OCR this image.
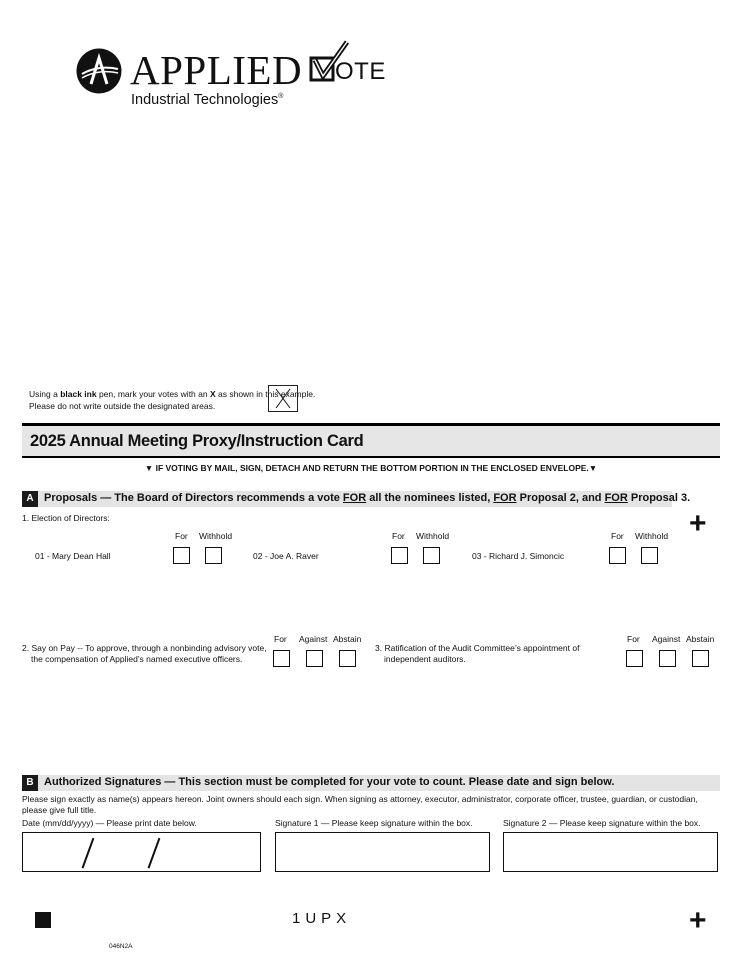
APPLIED
Industrial Technologies®
OTE
Using a black ink pen, mark your votes with an X as shown in this example.
Please do not write outside the designated areas.
2025 Annual Meeting Proxy/Instruction Card
▼ IF VOTING BY MAIL, SIGN, DETACH AND RETURN THE BOTTOM PORTION IN THE ENCLOSED ENVELOPE.▼
A Proposals — The Board of Directors recommends a vote FOR all the nominees listed, FOR Proposal 2, and FOR Proposal 3.
+
1. Election of Directors:
For Withhold	For Withhold	For Withhold
01 - Mary Dean Hall	02 - Joe A. Raver	03 - Richard J. Simoncic
For Against Abstain	For Against Abstain
2. Say on Pay -- To approve, through a nonbinding advisory vote,
the compensation of Applied’s named executive officers.
3. Ratification of the Audit Committee’s appointment of
independent auditors.
B Authorized Signatures — This section must be completed for your vote to count. Please date and sign below.
Please sign exactly as name(s) appears hereon. Joint owners should each sign. When signing as attorney, executor, administrator, corporate officer, trustee, guardian, or custodian, please give full title.
Date (mm/dd/yyyy) — Please print date below.	Signature 1 — Please keep signature within the box.	Signature 2 — Please keep signature within the box.
1UPX	+
046N2A
